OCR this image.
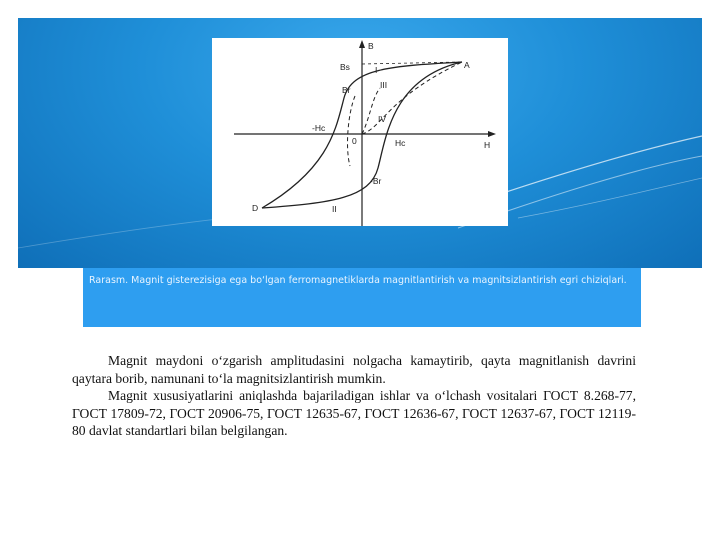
B
H
Bs
Br
-Hc
Hc
-Br
0
A
D
I
II
III
IV
Rarasm. Magnit gisterezisiga ega bo‘lgan ferromagnetiklarda magnitlantirish va magnitsizlantirish egri chiziqlari.

Magnit maydoni o‘zgarish amplitudasini nolgacha kamaytirib, qayta magnitlanish davrini qaytara borib, namunani to‘la magnitsizlantirish mumkin.

Magnit xususiyatlarini aniqlashda bajariladigan ishlar va o‘lchash vositalari ГОСТ 8.268-77, ГОСТ 17809-72, ГОСТ 20906-75, ГОСТ 12635-67, ГОСТ 12636-67, ГОСТ 12637-67, ГОСТ 12119-80 davlat standartlari bilan belgilangan.
